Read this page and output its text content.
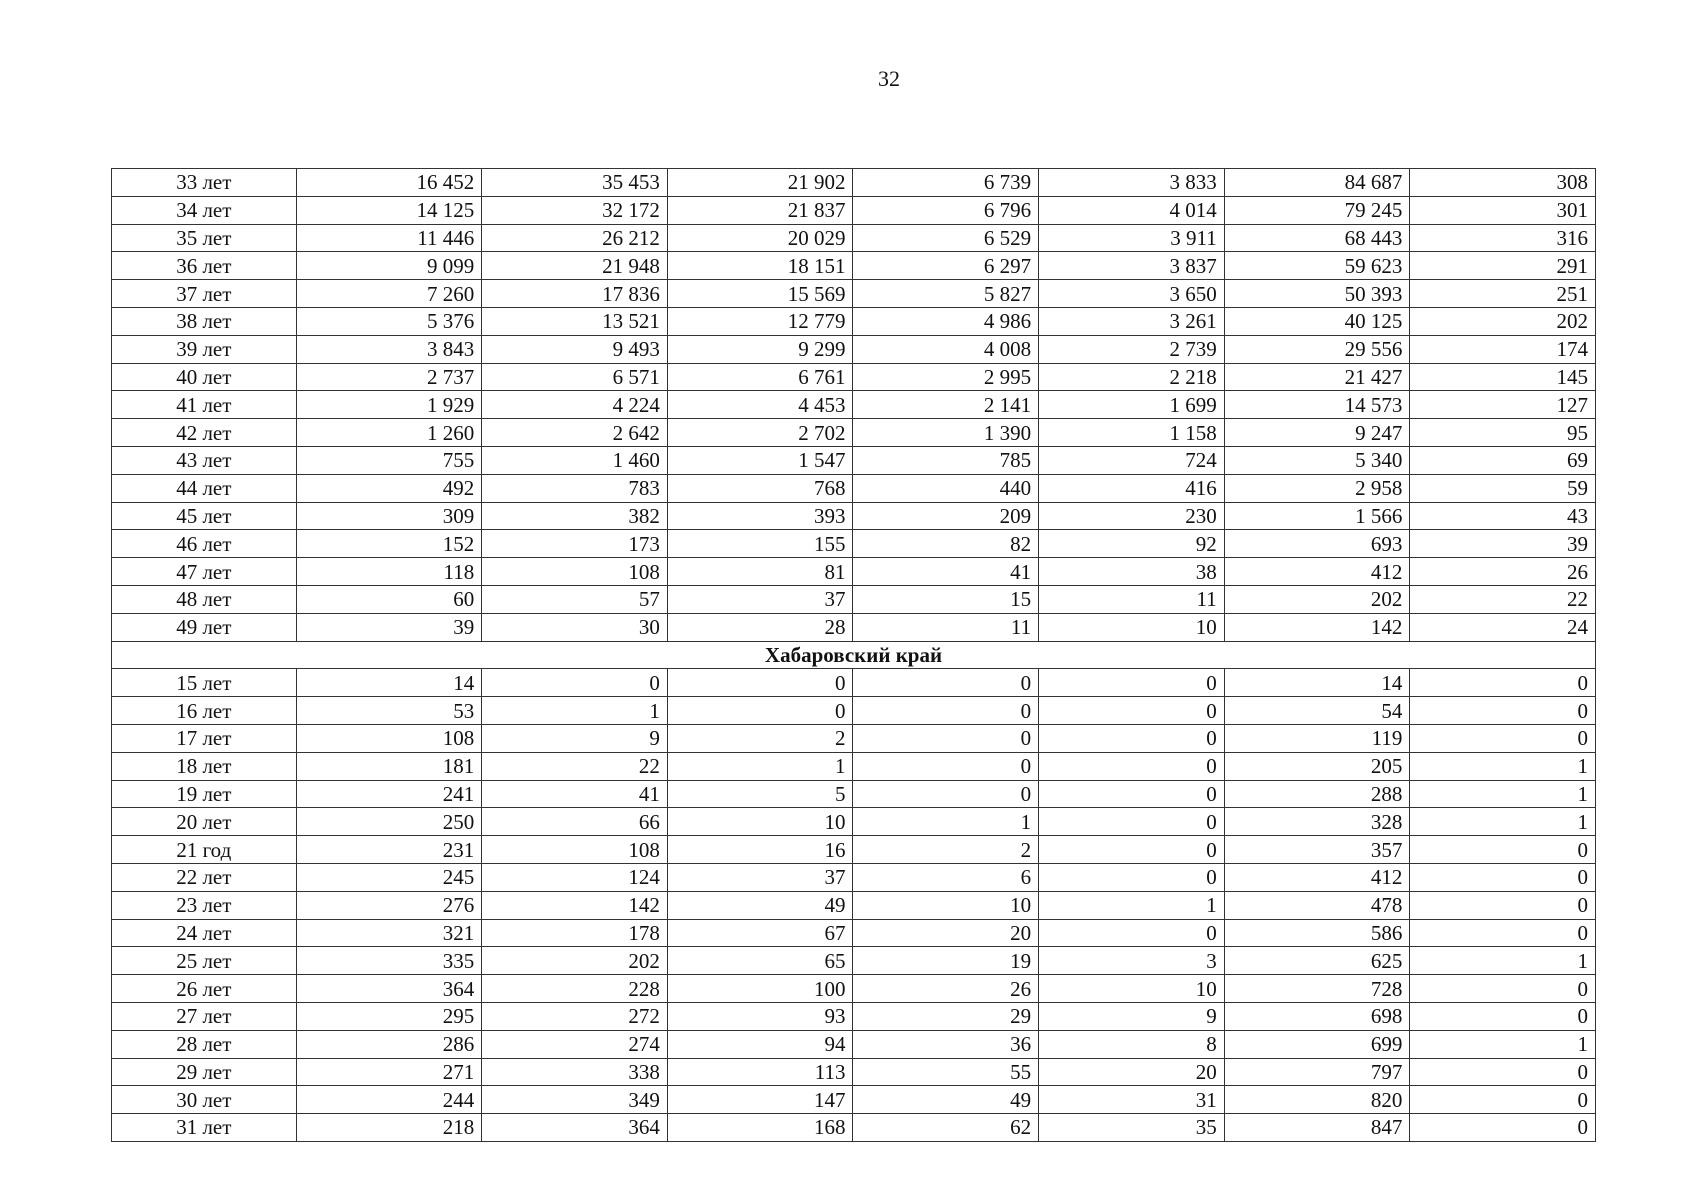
32
33 лет	16 452	35 453	21 902	6 739	3 833	84 687	308
34 лет	14 125	32 172	21 837	6 796	4 014	79 245	301
35 лет	11 446	26 212	20 029	6 529	3 911	68 443	316
36 лет	9 099	21 948	18 151	6 297	3 837	59 623	291
37 лет	7 260	17 836	15 569	5 827	3 650	50 393	251
38 лет	5 376	13 521	12 779	4 986	3 261	40 125	202
39 лет	3 843	9 493	9 299	4 008	2 739	29 556	174
40 лет	2 737	6 571	6 761	2 995	2 218	21 427	145
41 лет	1 929	4 224	4 453	2 141	1 699	14 573	127
42 лет	1 260	2 642	2 702	1 390	1 158	9 247	95
43 лет	755	1 460	1 547	785	724	5 340	69
44 лет	492	783	768	440	416	2 958	59
45 лет	309	382	393	209	230	1 566	43
46 лет	152	173	155	82	92	693	39
47 лет	118	108	81	41	38	412	26
48 лет	60	57	37	15	11	202	22
49 лет	39	30	28	11	10	142	24
Хабаровский край							
15 лет	14	0	0	0	0	14	0
16 лет	53	1	0	0	0	54	0
17 лет	108	9	2	0	0	119	0
18 лет	181	22	1	0	0	205	1
19 лет	241	41	5	0	0	288	1
20 лет	250	66	10	1	0	328	1
21 год	231	108	16	2	0	357	0
22 лет	245	124	37	6	0	412	0
23 лет	276	142	49	10	1	478	0
24 лет	321	178	67	20	0	586	0
25 лет	335	202	65	19	3	625	1
26 лет	364	228	100	26	10	728	0
27 лет	295	272	93	29	9	698	0
28 лет	286	274	94	36	8	699	1
29 лет	271	338	113	55	20	797	0
30 лет	244	349	147	49	31	820	0
31 лет	218	364	168	62	35	847	0
